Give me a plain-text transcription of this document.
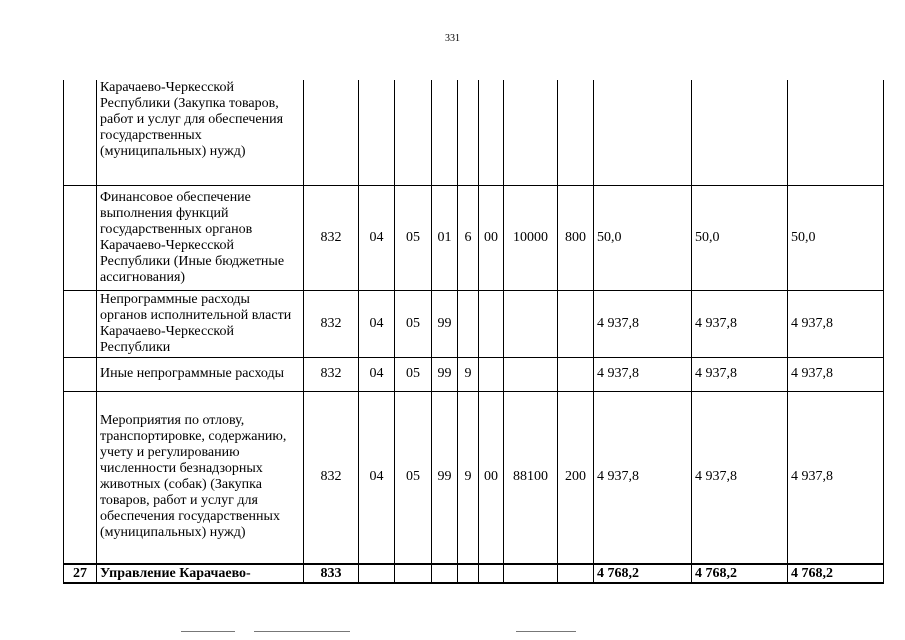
331
	Карачаево-Черкесской Республики (Закупка товаров, работ и услуг для обеспечения государственных (муниципальных) нужд)											
	Финансовое обеспечение выполнения функций государственных органов Карачаево-Черкесской Республики (Иные бюджетные ассигнования)	832	04	05	01	6	00	10000	800	50,0	50,0	50,0
	Непрограммные расходы органов исполнительной власти Карачаево-Черкесской Республики	832	04	05	99					4 937,8	4 937,8	4 937,8
	Иные непрограммные расходы	832	04	05	99	9				4 937,8	4 937,8	4 937,8
	Мероприятия по отлову, транспортировке, содержанию, учету и регулированию численности безнадзорных животных (собак) (Закупка товаров, работ и услуг для обеспечения государственных (муниципальных) нужд)	832	04	05	99	9	00	88100	200	4 937,8	4 937,8	4 937,8
27	Управление Карачаево-	833								4 768,2	4 768,2	4 768,2
